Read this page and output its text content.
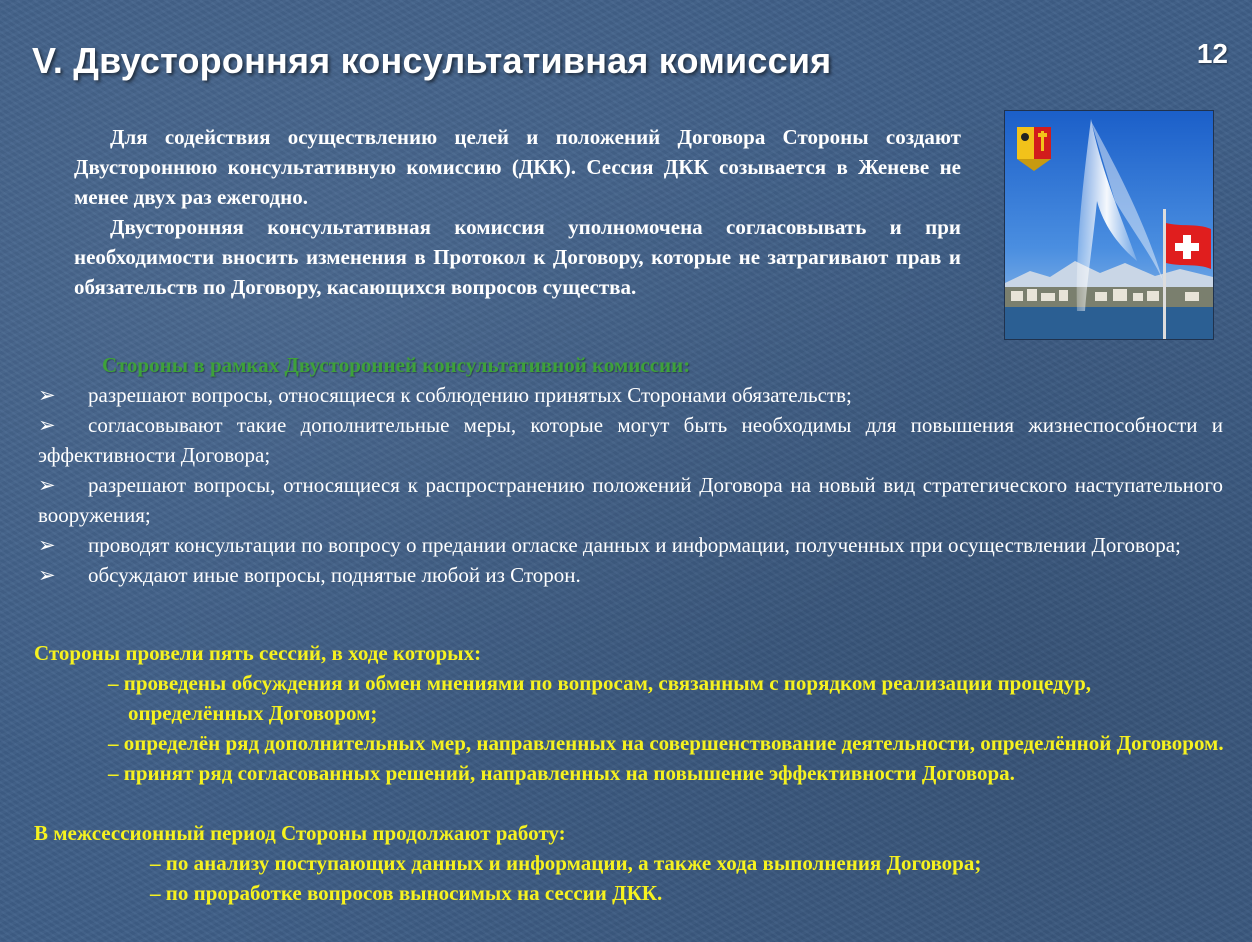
V. Двусторонняя консультативная комиссия	12

Для содействия осуществлению целей и положений Договора Стороны создают Двустороннюю консультативную комиссию (ДКК). Сессия ДКК созывается в Женеве не менее двух раз ежегодно.

Двусторонняя консультативная комиссия уполномочена согласовывать и при необходимости вносить изменения в Протокол к Договору, которые не затрагивают прав и обязательств по Договору, касающихся вопросов существа.

Стороны в рамках Двусторонней консультативной комиссии:
➢ разрешают вопросы, относящиеся к соблюдению принятых Сторонами обязательств;
➢ согласовывают такие дополнительные меры, которые могут быть необходимы для повышения жизнеспособности и эффективности Договора;
➢ разрешают вопросы, относящиеся к распространению положений Договора на новый вид стратегического наступательного вооружения;
➢ проводят консультации по вопросу о предании огласке данных и информации, полученных при осуществлении Договора;
➢ обсуждают иные вопросы, поднятые любой из Сторон.
Стороны провели пять сессий, в ходе которых:
– проведены обсуждения и обмен мнениями по вопросам, связанным с порядком реализации процедур, определённых Договором;
– определён ряд дополнительных мер, направленных на совершенствование деятельности, определённой Договором.
– принят ряд согласованных решений, направленных на повышение эффективности Договора.
В межсессионный период Стороны продолжают работу:
– по анализу поступающих данных и информации, а также хода выполнения Договора;
– по проработке вопросов выносимых на сессии ДКК.
